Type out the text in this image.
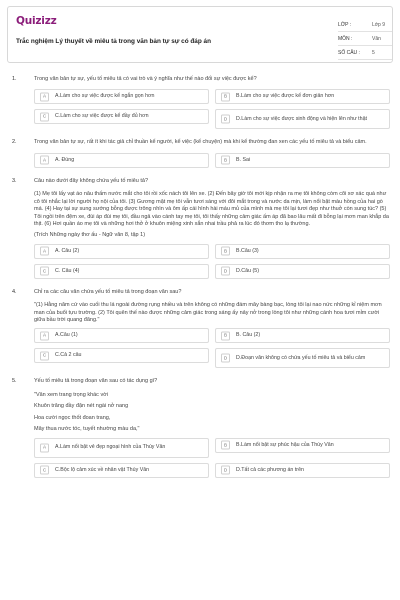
Quizizz
Trắc nghiệm Lý thuyết về miêu tả trong văn bản tự sự có đáp án
LỚP :	Lớp 9
MÔN :	Văn
SỐ CÂU : 5
1.	Trong văn bản tự sự, yếu tố miêu tả có vai trò và ý nghĩa như thế nào đối sự việc được kể?
A	A.Làm cho sự việc được kể ngắn gọn hơn	B	B.Làm cho sự việc được kể đơn giản hơn
C	C.Làm cho sự việc được kể đầy đủ hơn	D	D.Làm cho sự việc được sinh động và hiện lên như thật
2.	Trong văn bản tự sự, rất ít khi tác giả chỉ thuần kể người, kể việc (kể chuyện) mà khi kể thường đan xen các yếu tố miêu tả và biểu cảm.
A	A. Đúng	B	B. Sai
3.	Câu nào dưới đây không chứa yếu tố miêu tả?
(1) Mẹ tôi lấy vạt áo nâu thấm nước mắt cho tôi rồi xốc nách tôi lên xe. (2) Đến bây giờ tôi mới kịp nhận ra mẹ tôi không còm cõi xơ xác quá như cô tôi nhắc lại lời người họ nội của tôi. (3) Gương mặt mẹ tôi vẫn tươi sáng với đôi mắt trong và nước da mịn, làm nổi bật màu hồng của hai gò má. (4) Hay tại sự sung sướng bỗng được trông nhìn và ôm ấp cái hình hài máu mủ của mình mà mẹ tôi lại tươi đẹp như thuở còn sung túc? (5) Tôi ngồi trên đệm xe, đùi áp đùi mẹ tôi, đầu ngả vào cánh tay mẹ tôi, tôi thấy những cảm giác ấm áp đã bao lâu mất đi bỗng lại mơn man khắp da thịt. (6) Hơi quần áo mẹ tôi và những hơi thở ở khuôn miệng xinh xắn nhai trầu phả ra lúc đó thơm tho lạ thường.
(Trích Những ngày thơ ấu - Ngữ văn 8, tập 1)
A	A. Câu (2)	B	B.Câu (3)
C	C. Câu (4)	D	D.Câu (5)
4.	Chỉ ra các câu văn chứa yếu tố miêu tả trong đoạn văn sau?
"(1) Hằng năm cứ vào cuối thu lá ngoài đường rụng nhiều và trên không có những đám mây bàng bạc, lòng tôi lại nao nức những kỉ niệm mơn man của buổi tựu trường. (2) Tôi quên thế nào được những cảm giác trong sáng ấy nảy nở trong lòng tôi như những cánh hoa tươi mỉm cười giữa bầu trời quang đãng."
A	A.Câu (1)	B	B. Câu (2)
C	C.Cả 2 câu	D	D.Đoạn văn không có chứa yếu tố miêu tả và biểu cảm
5.	Yếu tố miêu tả trong đoạn văn sau có tác dụng gì?
"Vân xem trang trọng khác vời
Khuôn trăng đầy đặn nét ngài nở nang
Hoa cười ngọc thốt đoan trang,
Mây thua nước tóc, tuyết nhường màu da,"
A	A.Làm nổi bật vẻ đẹp ngoại hình của Thúy Vân	B	B.Làm nổi bật sự phúc hậu của Thúy Vân
C	C.Bộc lộ cảm xúc về nhân vật Thúy Vân	D	D.Tất cả các phương án trên
